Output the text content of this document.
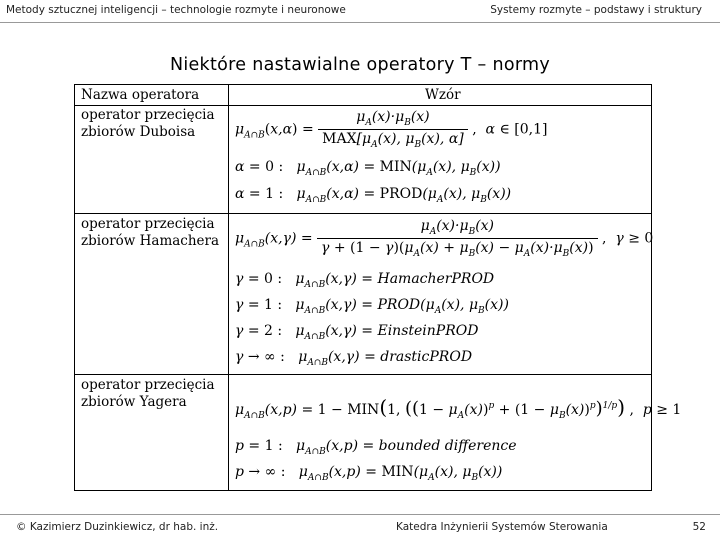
Metody sztucznej inteligencji – technologie rozmyte i neuronowe	Systemy rozmyte – podstawy i struktury
Niektóre nastawialne operatory T – normy
Nazwa operatora	Wzór
operator przecięcia
zbiorów Duboisa	$\mu_{A\cap B}(x,\alpha) = \frac{\mu_A(x)\cdot\mu_B(x)}{MAX[\mu_A(x), \mu_B(x), \alpha]}$ ,  α ∈ [0,1]
α = 0 :   $\mu_{A\cap B}(x,\alpha) = MIN(\mu_A(x)$, $\mu_B(x)$)
α = 1 :   $\mu_{A\cap B}(x,\alpha)$ = $PROD(\mu_A(x)$, $\mu_B(x)$)
operator przecięcia
zbiorów Hamachera	$\mu_{A\cap B}(x,\gamma) = \frac{\mu_A(x)\cdot\mu_B(x)}{\gamma + (1 - \gamma)(\mu_A(x) + \mu_B(x) - \mu_A(x)\cdot\mu_B(x))}$ ,  γ ≥ 0
γ = 0 :   $\mu_{A\cap B}(x,\gamma)$ = HamacherPROD
γ = 1 :   $\mu_{A\cap B}(x,\gamma)$ = $PROD(\mu_A(x)$, $\mu_B(x)$)
γ = 2 :   $\mu_{A\cap B}(x,\gamma)$ = EinsteinPROD
γ → ∞ :   $\mu_{A\cap B}(x,\gamma)$ = drasticPROD
operator przecięcia
zbiorów Yagera	$\mu_{A\cap B}(x,p) = 1 - MIN(1$, $((1 - \mu_A(x))^p + (1 - \mu_B(x))^p)^{1/p}$) ,  p ≥ 1
p = 1 :   $\mu_{A\cap B}(x,p)$ = bounded difference
p → ∞ :   $\mu_{A\cap B}(x,p) = MIN(\mu_A(x)$, $\mu_B(x)$)
© Kazimierz Duzinkiewicz, dr hab. inż.	Katedra Inżynierii Systemów Sterowania	52
